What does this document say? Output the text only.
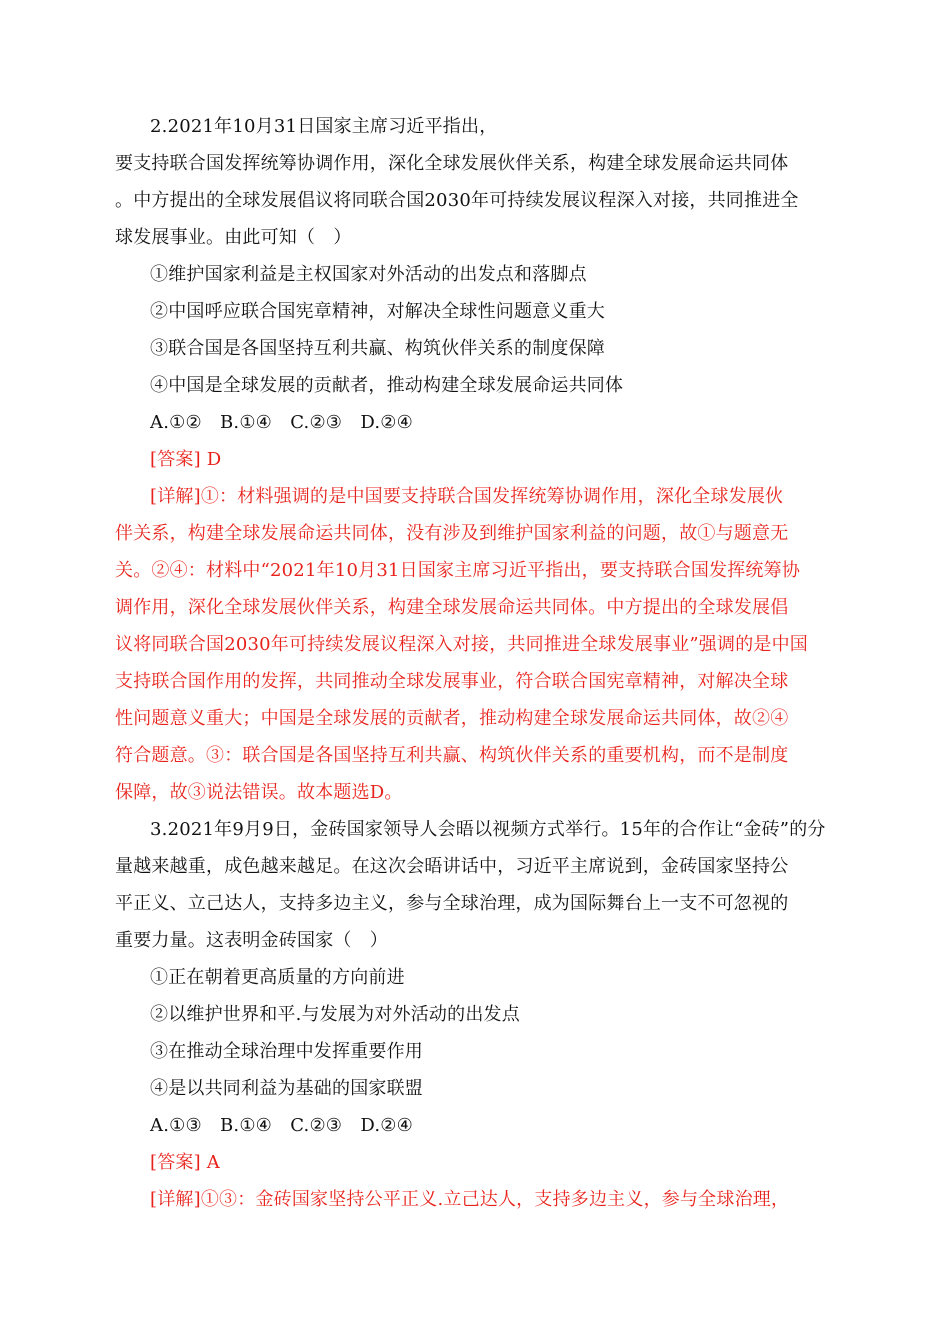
2.2021年10月31日国家主席习近平指出，
要支持联合国发挥统筹协调作用，深化全球发展伙伴关系，构建全球发展命运共同体
。中方提出的全球发展倡议将同联合国2030年可持续发展议程深入对接，共同推进全
球发展事业。由此可知（　）
①维护国家利益是主权国家对外活动的出发点和落脚点
②中国呼应联合国宪章精神，对解决全球性问题意义重大
③联合国是各国坚持互利共赢、构筑伙伴关系的制度保障
④中国是全球发展的贡献者，推动构建全球发展命运共同体
A.①②　B.①④　C.②③　D.②④
[答案] D
[详解]①：材料强调的是中国要支持联合国发挥统筹协调作用，深化全球发展伙
伴关系，构建全球发展命运共同体，没有涉及到维护国家利益的问题，故①与题意无
关。②④：材料中“2021年10月31日国家主席习近平指出，要支持联合国发挥统筹协
调作用，深化全球发展伙伴关系，构建全球发展命运共同体。中方提出的全球发展倡
议将同联合国2030年可持续发展议程深入对接，共同推进全球发展事业”强调的是中国
支持联合国作用的发挥，共同推动全球发展事业，符合联合国宪章精神，对解决全球
性问题意义重大；中国是全球发展的贡献者，推动构建全球发展命运共同体，故②④
符合题意。③：联合国是各国坚持互利共赢、构筑伙伴关系的重要机构，而不是制度
保障，故③说法错误。故本题选D。
3.2021年9月9日，金砖国家领导人会晤以视频方式举行。15年的合作让“金砖”的分
量越来越重，成色越来越足。在这次会晤讲话中，习近平主席说到，金砖国家坚持公
平正义、立己达人，支持多边主义，参与全球治理，成为国际舞台上一支不可忽视的
重要力量。这表明金砖国家（　）
①正在朝着更高质量的方向前进
②以维护世界和平.与发展为对外活动的出发点
③在推动全球治理中发挥重要作用
④是以共同利益为基础的国家联盟
A.①③　B.①④　C.②③　D.②④
[答案] A
[详解]①③：金砖国家坚持公平正义.立己达人，支持多边主义，参与全球治理，
